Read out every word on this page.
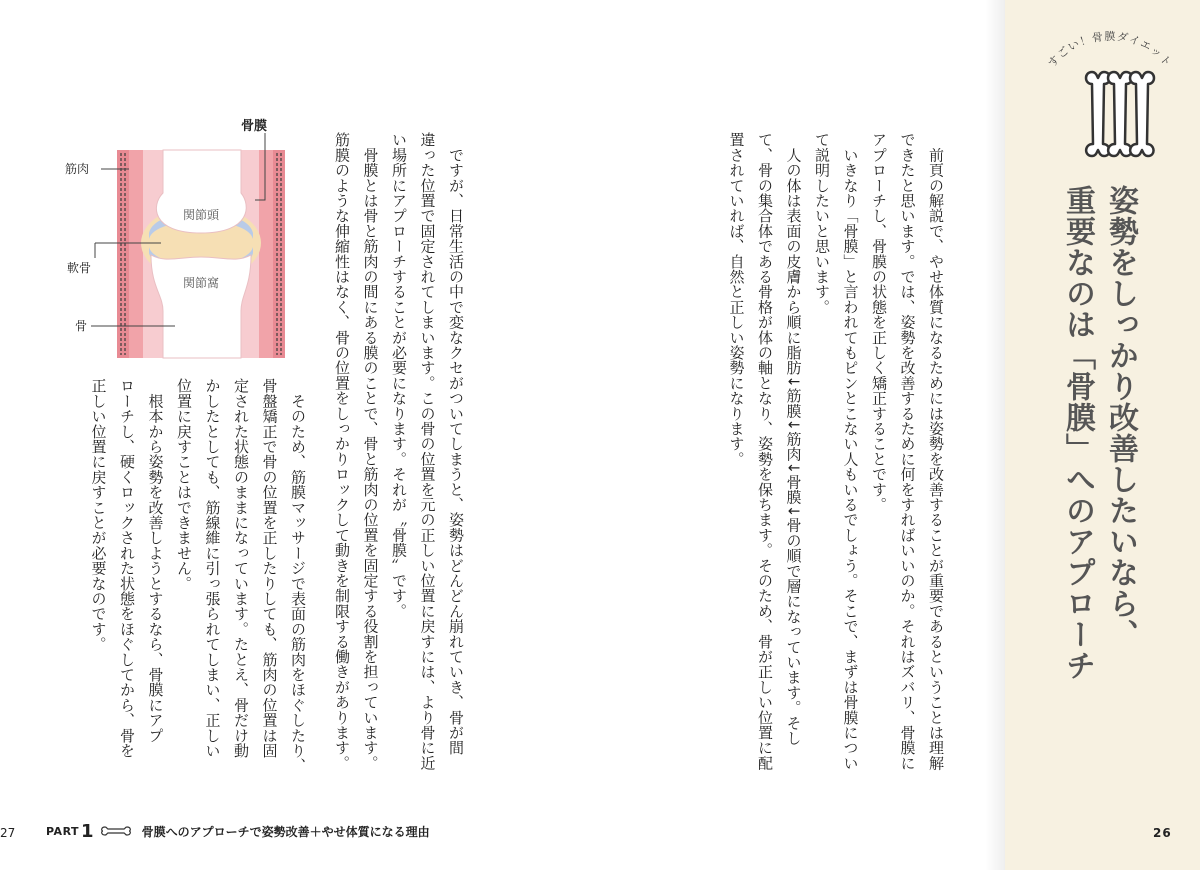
すごい！骨膜ダイエット
姿勢をしっかり改善したいなら、
重要なのは「骨膜」へのアプローチ

　前頁の解説で、やせ体質になるためには姿勢を改善することが重要であるということは理解

できたと思います。では、姿勢を改善するために何をすればいいのか。それはズバリ、骨膜に

アプローチし、骨膜の状態を正しく矯正することです。

　いきなり「骨膜」と言われてもピンとこない人もいるでしょう。そこで、まずは骨膜につい

て説明したいと思います。

　人の体は表面の皮膚から順に脂肪↓筋膜↓筋肉↓骨膜↓骨の順で層になっています。そし

て、骨の集合体である骨格が体の軸となり、姿勢を保ちます。そのため、骨が正しい位置に配

置されていれば、自然と正しい姿勢になります。

　ですが、日常生活の中で変なクセがついてしまうと、姿勢はどんどん崩れていき、骨が間

違った位置で固定されてしまいます。この骨の位置を元の正しい位置に戻すには、より骨に近

い場所にアプローチすることが必要になります。それが〝骨膜〟です。

　骨膜とは骨と筋肉の間にある膜のことで、骨と筋肉の位置を固定する役割を担っています。

筋膜のような伸縮性はなく、骨の位置をしっかりロックして動きを制限する働きがあります。

　そのため、筋膜マッサージで表面の筋肉をほぐしたり、

骨盤矯正で骨の位置を正したりしても、筋肉の位置は固

定された状態のままになっています。たとえ、骨だけ動

かしたとしても、筋線維に引っ張られてしまい、正しい

位置に戻すことはできません。

　根本から姿勢を改善しようとするなら、骨膜にアプ

ローチし、硬くロックされた状態をほぐしてから、骨を

正しい位置に戻すことが必要なのです。

関節頭
関節窩
骨膜
筋肉
軟骨
骨
27	PART 1	骨膜へのアプローチで姿勢改善＋やせ体質になる理由	26
